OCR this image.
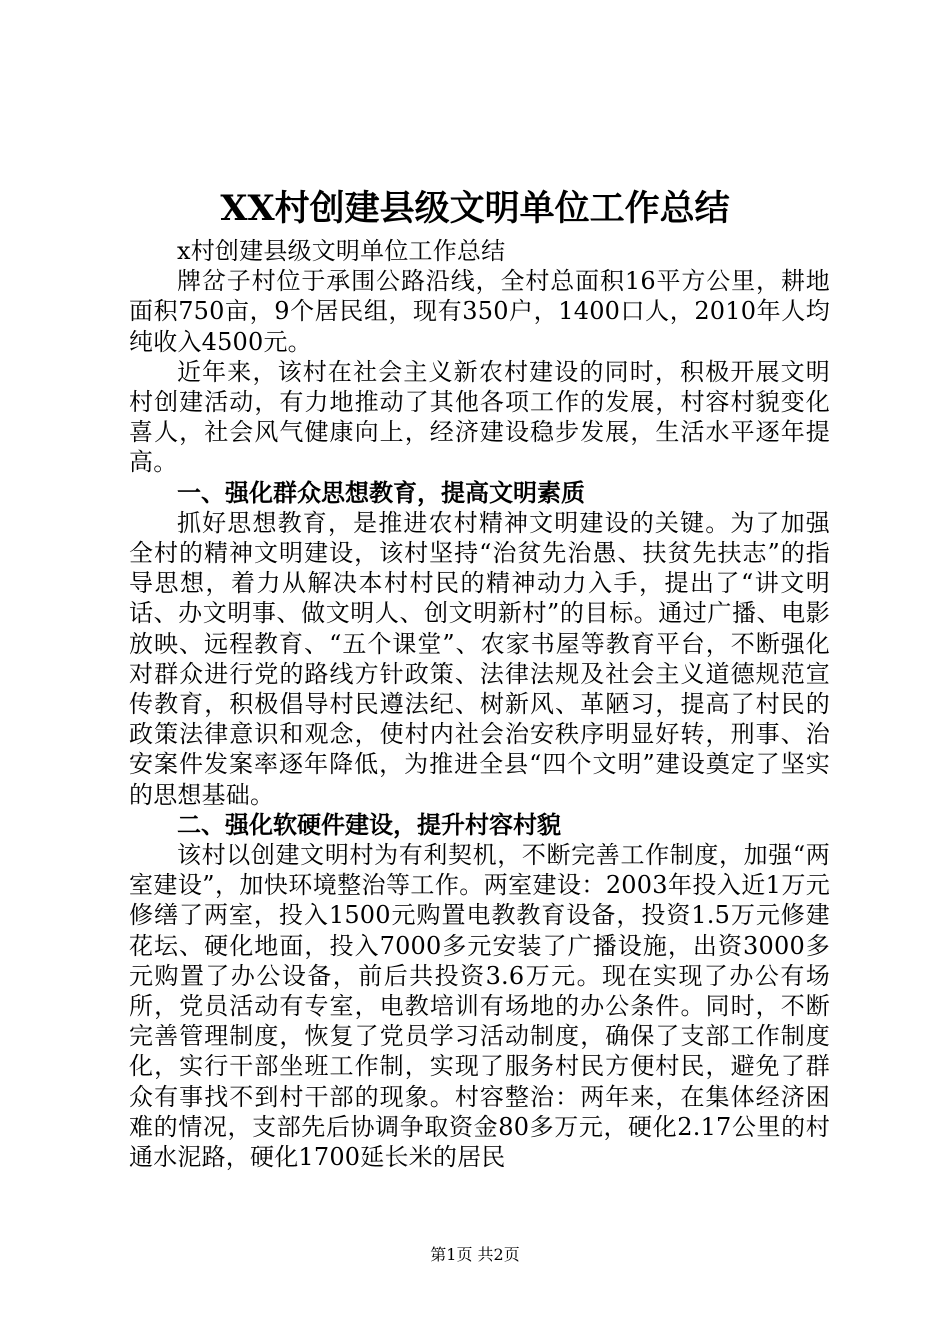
XX村创建县级文明单位工作总结

x村创建县级文明单位工作总结

牌岔子村位于承围公路沿线，全村总面积16平方公里，耕地面积750亩，9个居民组，现有350户，1400口人，2010年人均纯收入4500元。

近年来，该村在社会主义新农村建设的同时，积极开展文明村创建活动，有力地推动了其他各项工作的发展，村容村貌变化喜人，社会风气健康向上，经济建设稳步发展，生活水平逐年提高。

一、强化群众思想教育，提高文明素质

抓好思想教育，是推进农村精神文明建设的关键。为了加强全村的精神文明建设，该村坚持“治贫先治愚、扶贫先扶志”的指导思想，着力从解决本村村民的精神动力入手，提出了“讲文明话、办文明事、做文明人、创文明新村”的目标。通过广播、电影放映、远程教育、“五个课堂”、农家书屋等教育平台，不断强化对群众进行党的路线方针政策、法律法规及社会主义道德规范宣传教育，积极倡导村民遵法纪、树新风、革陋习，提高了村民的政策法律意识和观念，使村内社会治安秩序明显好转，刑事、治安案件发案率逐年降低，为推进全县“四个文明”建设奠定了坚实的思想基础。

二、强化软硬件建设，提升村容村貌

该村以创建文明村为有利契机，不断完善工作制度，加强“两室建设”，加快环境整治等工作。两室建设：2003年投入近1万元修缮了两室，投入1500元购置电教教育设备，投资1.5万元修建花坛、硬化地面，投入7000多元安装了广播设施，出资3000多元购置了办公设备，前后共投资3.6万元。现在实现了办公有场所，党员活动有专室，电教培训有场地的办公条件。同时，不断完善管理制度，恢复了党员学习活动制度，确保了支部工作制度化，实行干部坐班工作制，实现了服务村民方便村民，避免了群众有事找不到村干部的现象。村容整治：两年来，在集体经济困难的情况，支部先后协调争取资金80多万元，硬化2.17公里的村通水泥路，硬化1700延长米的居民

第1页 共2页
